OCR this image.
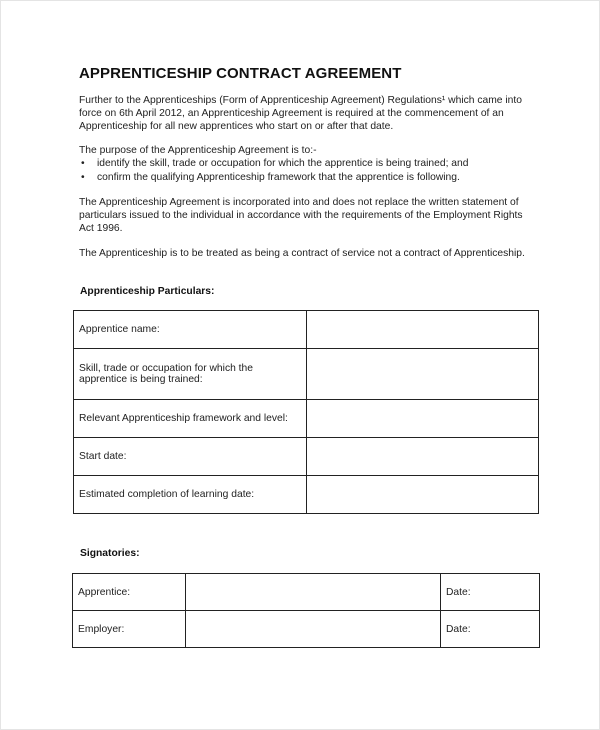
APPRENTICESHIP CONTRACT AGREEMENT
Further to the Apprenticeships (Form of Apprenticeship Agreement) Regulations¹ which came into
force on 6th April 2012, an Apprenticeship Agreement is required at the commencement of an
Apprenticeship for all new apprentices who start on or after that date.
The purpose of the Apprenticeship Agreement is to:-
• identify the skill, trade or occupation for which the apprentice is being trained; and
• confirm the qualifying Apprenticeship framework that the apprentice is following.
The Apprenticeship Agreement is incorporated into and does not replace the written statement of
particulars issued to the individual in accordance with the requirements of the Employment Rights
Act 1996.
The Apprenticeship is to be treated as being a contract of service not a contract of Apprenticeship.
Apprenticeship Particulars:
Apprentice name:	
Skill, trade or occupation for which the apprentice is being trained:	
Relevant Apprenticeship framework and level:	
Start date:	
Estimated completion of learning date:	
Signatories:
Apprentice:		Date:
Employer:		Date:
